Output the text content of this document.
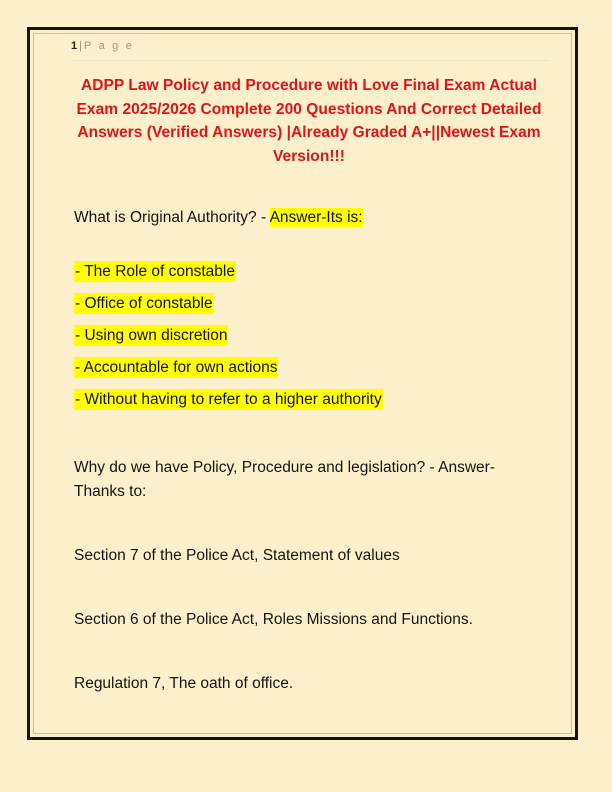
1 | P a g e
ADPP Law Policy and Procedure with Love Final Exam Actual Exam 2025/2026 Complete 200 Questions And Correct Detailed Answers (Verified Answers) |Already Graded A+||Newest Exam Version!!!
What is Original Authority? - Answer-Its is:
- The Role of constable
- Office of constable
- Using own discretion
- Accountable for own actions
- Without having to refer to a higher authority
Why do we have Policy, Procedure and legislation? - Answer-Thanks to:
Section 7 of the Police Act, Statement of values
Section 6 of the Police Act, Roles Missions and Functions.
Regulation 7, The oath of office.
